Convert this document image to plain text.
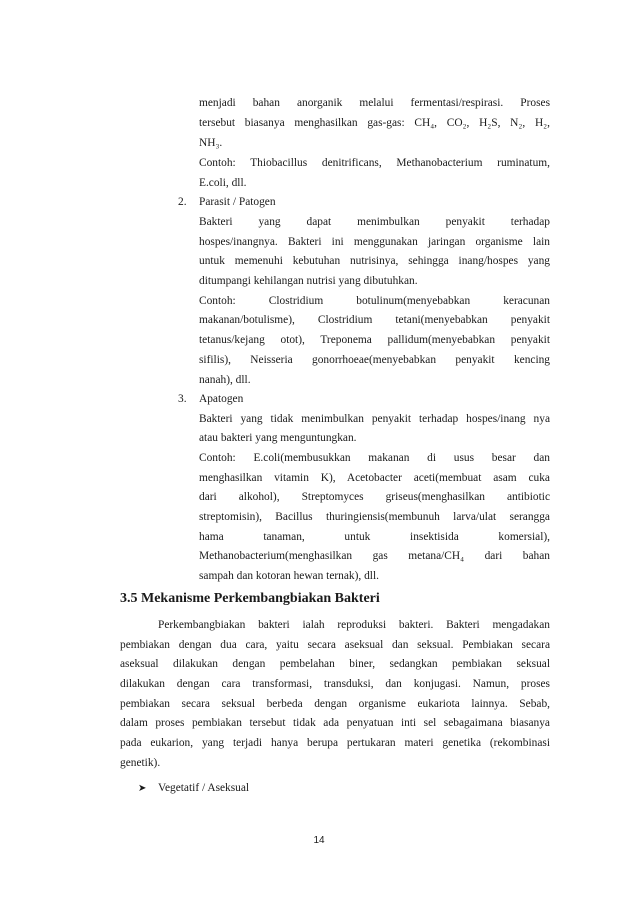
menjadi bahan anorganik melalui fermentasi/respirasi. Proses
tersebut biasanya menghasilkan gas-gas: CH₄, CO₂, H₂S, N₂, H₂,
NH₃.
Contoh: Thiobacillus denitrificans, Methanobacterium ruminatum,
E.coli, dll.
2. Parasit / Patogen
Bakteri yang dapat menimbulkan penyakit terhadap
hospes/inangnya. Bakteri ini menggunakan jaringan organisme lain
untuk memenuhi kebutuhan nutrisinya, sehingga inang/hospes yang
ditumpangi kehilangan nutrisi yang dibutuhkan.
Contoh: Clostridium botulinum(menyebabkan keracunan
makanan/botulisme), Clostridium tetani(menyebabkan penyakit
tetanus/kejang otot), Treponema pallidum(menyebabkan penyakit
sifilis), Neisseria gonorrhoeae(menyebabkan penyakit kencing
nanah), dll.
3. Apatogen
Bakteri yang tidak menimbulkan penyakit terhadap hospes/inang nya
atau bakteri yang menguntungkan.
Contoh: E.coli(membusukkan makanan di usus besar dan
menghasilkan vitamin K), Acetobacter aceti(membuat asam cuka
dari alkohol), Streptomyces griseus(menghasilkan antibiotic
streptomisin), Bacillus thuringiensis(membunuh larva/ulat serangga
hama tanaman, untuk insektisida komersial),
Methanobacterium(menghasilkan gas metana/CH₄ dari bahan
sampah dan kotoran hewan ternak), dll.
3.5 Mekanisme Perkembangbiakan Bakteri
Perkembangbiakan bakteri ialah reproduksi bakteri. Bakteri mengadakan
pembiakan dengan dua cara, yaitu secara aseksual dan seksual. Pembiakan secara
aseksual dilakukan dengan pembelahan biner, sedangkan pembiakan seksual
dilakukan dengan cara transformasi, transduksi, dan konjugasi. Namun, proses
pembiakan secara seksual berbeda dengan organisme eukariota lainnya. Sebab,
dalam proses pembiakan tersebut tidak ada penyatuan inti sel sebagaimana biasanya
pada eukarion, yang terjadi hanya berupa pertukaran materi genetika (rekombinasi
genetik).
➤ Vegetatif / Aseksual
14
